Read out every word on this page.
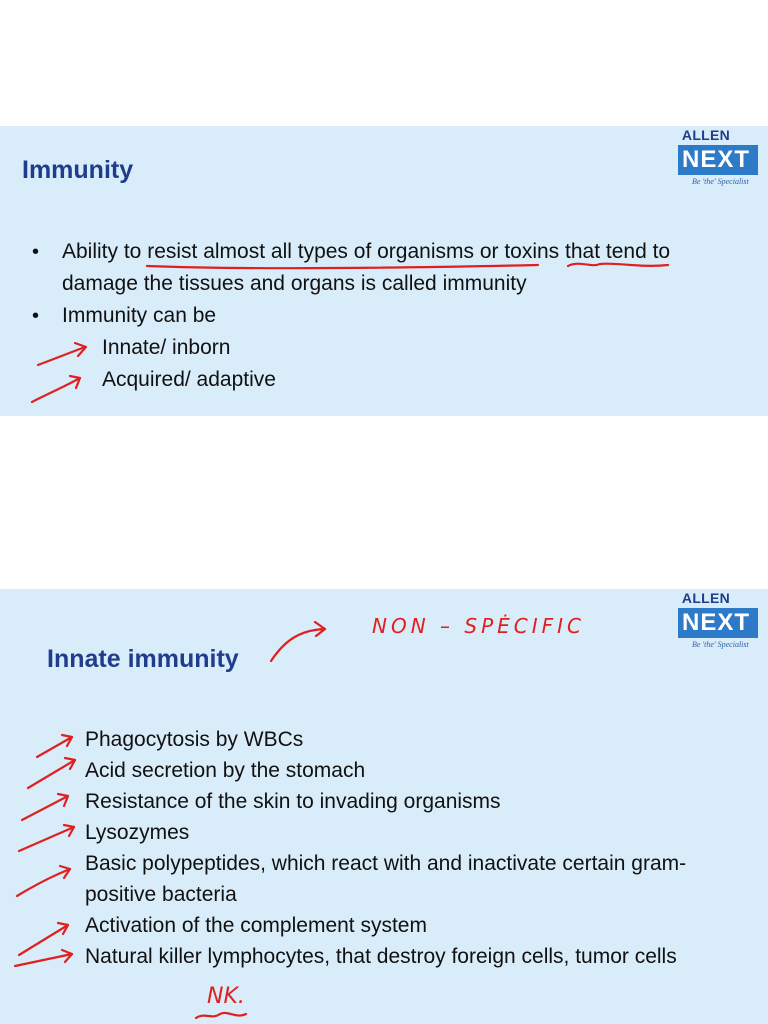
Immunity
ALLEN
NEXT
Be 'the' Specialist
• Ability to resist almost all types of organisms or toxins that tend to damage the tissues and organs is called immunity
• Immunity can be
Innate/ inborn
Acquired/ adaptive
Innate immunity
ALLEN
NEXT
Be 'the' Specialist
Phagocytosis by WBCs
Acid secretion by the stomach
Resistance of the skin to invading organisms
Lysozymes
Basic polypeptides, which react with and inactivate certain gram-positive bacteria
Activation of the complement system
Natural killer lymphocytes, that destroy foreign cells, tumor cells
NON – SPĖCIFIC
NK.
